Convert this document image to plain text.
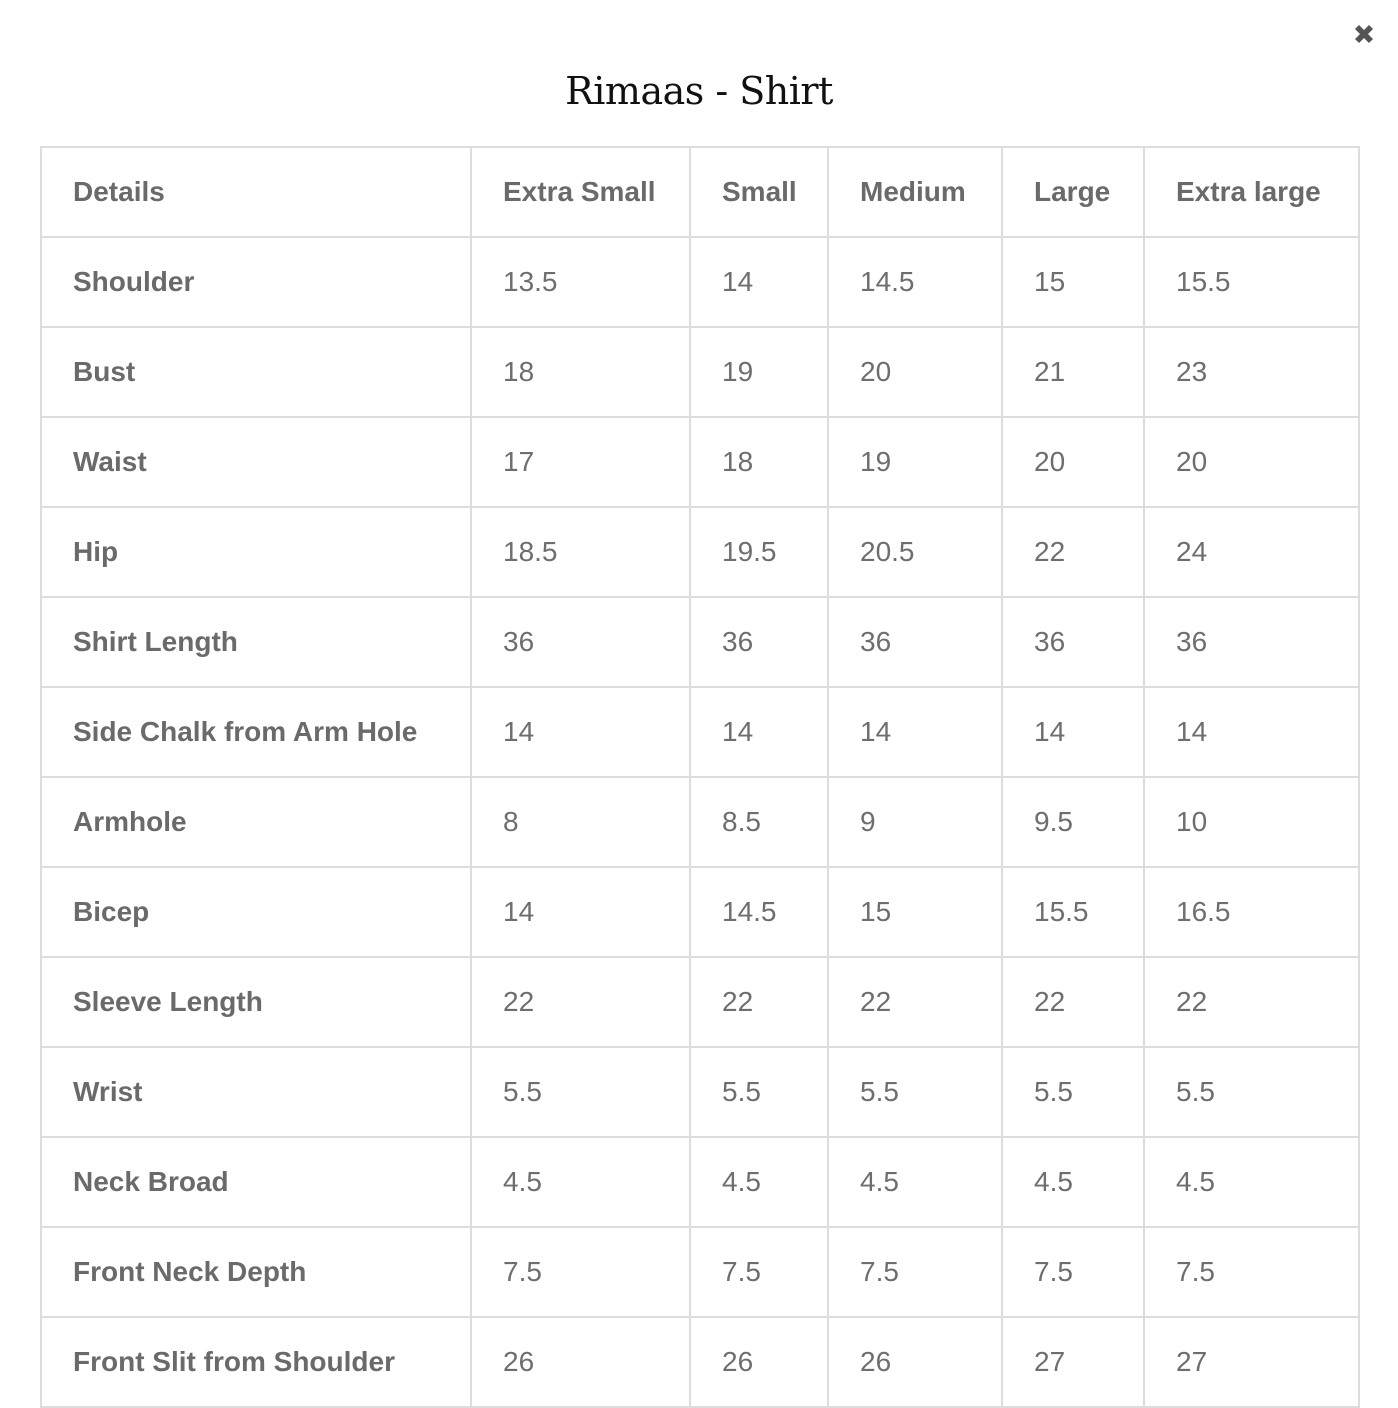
Rimaas - Shirt
Details	Extra Small	Small	Medium	Large	Extra large
Shoulder	13.5	14	14.5	15	15.5
Bust	18	19	20	21	23
Waist	17	18	19	20	20
Hip	18.5	19.5	20.5	22	24
Shirt Length	36	36	36	36	36
Side Chalk from Arm Hole	14	14	14	14	14
Armhole	8	8.5	9	9.5	10
Bicep	14	14.5	15	15.5	16.5
Sleeve Length	22	22	22	22	22
Wrist	5.5	5.5	5.5	5.5	5.5
Neck Broad	4.5	4.5	4.5	4.5	4.5
Front Neck Depth	7.5	7.5	7.5	7.5	7.5
Front Slit from Shoulder	26	26	26	27	27
